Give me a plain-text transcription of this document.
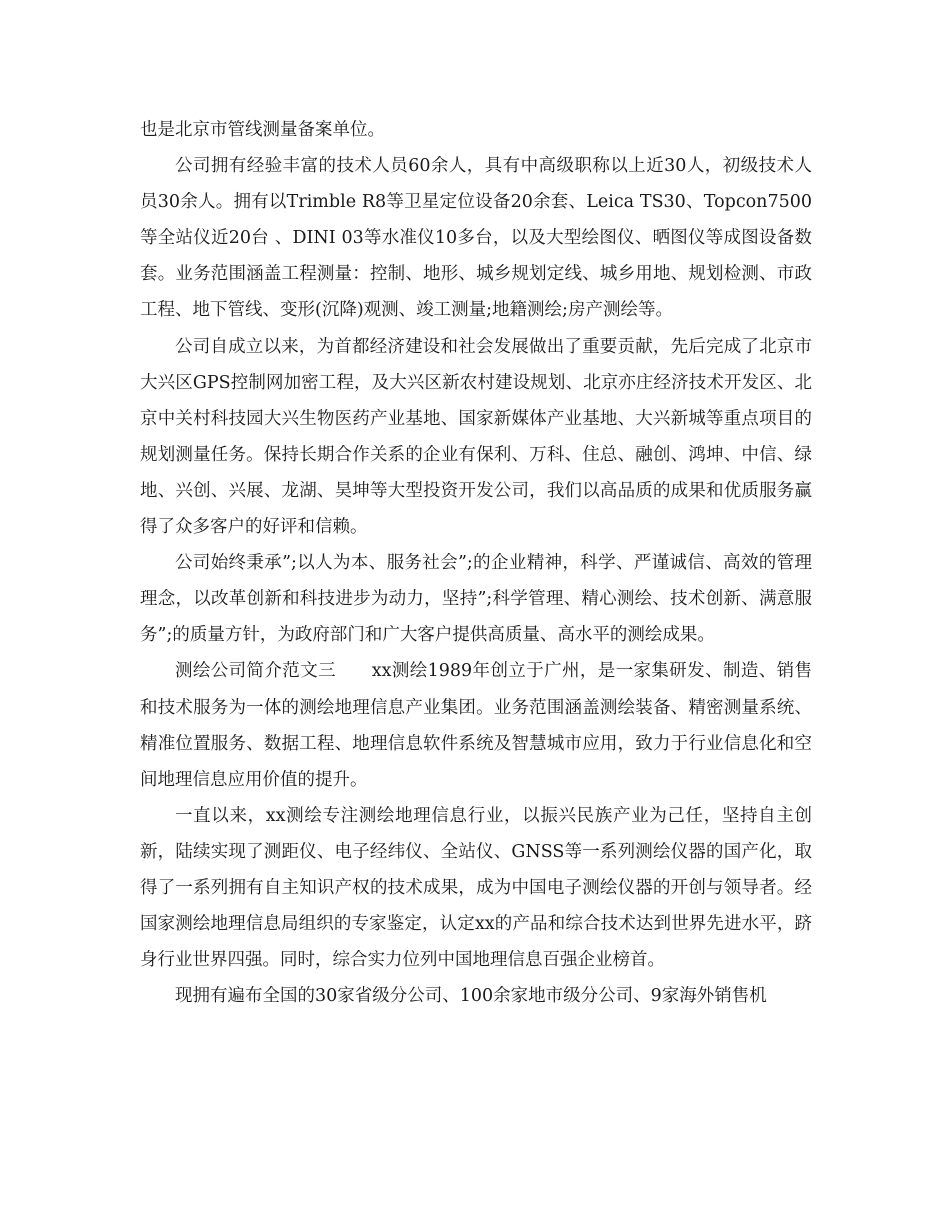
也是北京市管线测量备案单位。

公司拥有经验丰富的技术人员60余人，具有中高级职称以上近30人，初级技术人员30余人。拥有以Trimble R8等卫星定位设备20余套、Leica TS30、Topcon7500等全站仪近20台 、DINI 03等水准仪10多台，以及大型绘图仪、晒图仪等成图设备数套。业务范围涵盖工程测量：控制、地形、城乡规划定线、城乡用地、规划检测、市政工程、地下管线、变形(沉降)观测、竣工测量;地籍测绘;房产测绘等。

公司自成立以来，为首都经济建设和社会发展做出了重要贡献，先后完成了北京市大兴区GPS控制网加密工程，及大兴区新农村建设规划、北京亦庄经济技术开发区、北京中关村科技园大兴生物医药产业基地、国家新媒体产业基地、大兴新城等重点项目的规划测量任务。保持长期合作关系的企业有保利、万科、住总、融创、鸿坤、中信、绿地、兴创、兴展、龙湖、昊坤等大型投资开发公司，我们以高品质的成果和优质服务赢得了众多客户的好评和信赖。

公司始终秉承”;以人为本、服务社会”;的企业精神，科学、严谨诚信、高效的管理理念，以改革创新和科技进步为动力，坚持”;科学管理、精心测绘、技术创新、满意服务”;的质量方针，为政府部门和广大客户提供高质量、高水平的测绘成果。

测绘公司简介范文三　　xx测绘1989年创立于广州，是一家集研发、制造、销售和技术服务为一体的测绘地理信息产业集团。业务范围涵盖测绘装备、精密测量系统、精准位置服务、数据工程、地理信息软件系统及智慧城市应用，致力于行业信息化和空间地理信息应用价值的提升。

一直以来，xx测绘专注测绘地理信息行业，以振兴民族产业为己任，坚持自主创新，陆续实现了测距仪、电子经纬仪、全站仪、GNSS等一系列测绘仪器的国产化，取得了一系列拥有自主知识产权的技术成果，成为中国电子测绘仪器的开创与领导者。经国家测绘地理信息局组织的专家鉴定，认定xx的产品和综合技术达到世界先进水平，跻身行业世界四强。同时，综合实力位列中国地理信息百强企业榜首。

现拥有遍布全国的30家省级分公司、100余家地市级分公司、9家海外销售机
